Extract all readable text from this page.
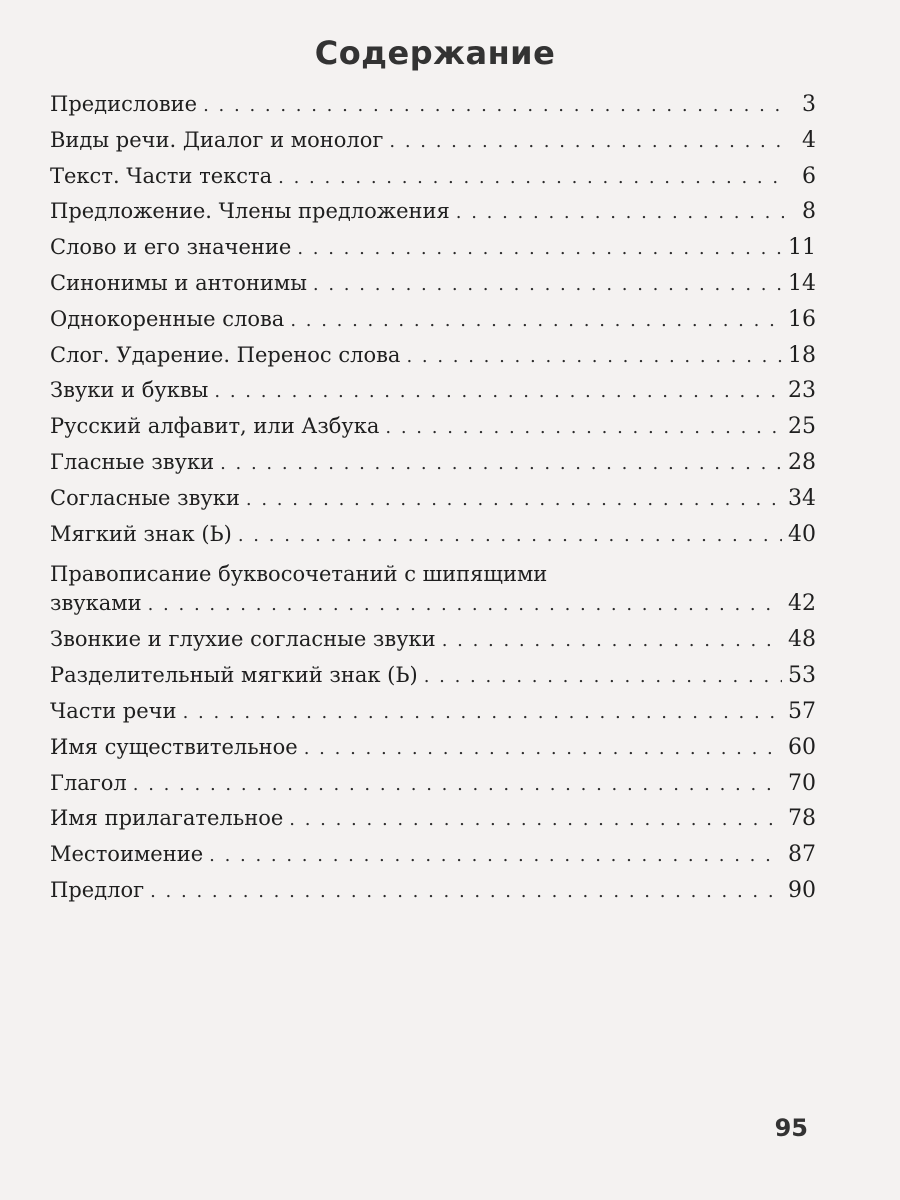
Содержание
Предисловие . . .	3
Виды речи. Диалог и монолог . . .	4
Текст. Части текста . . .	6
Предложение. Члены предложения . . .	8
Слово и его значение . . .	11
Синонимы и антонимы . . .	14
Однокоренные слова . . .	16
Слог. Ударение. Перенос слова . . .	18
Звуки и буквы . . .	23
Русский алфавит, или Азбука . . .	25
Гласные звуки . . .	28
Согласные звуки . . .	34
Мягкий знак (Ь) . . .	40
Правописание буквосочетаний с шипящими
звуками . . .	42
Звонкие и глухие согласные звуки . . .	48
Разделительный мягкий знак (Ь) . . .	53
Части речи . . .	57
Имя существительное . . .	60
Глагол . . .	70
Имя прилагательное . . .	78
Местоимение . . .	87
Предлог . . .	90
95
